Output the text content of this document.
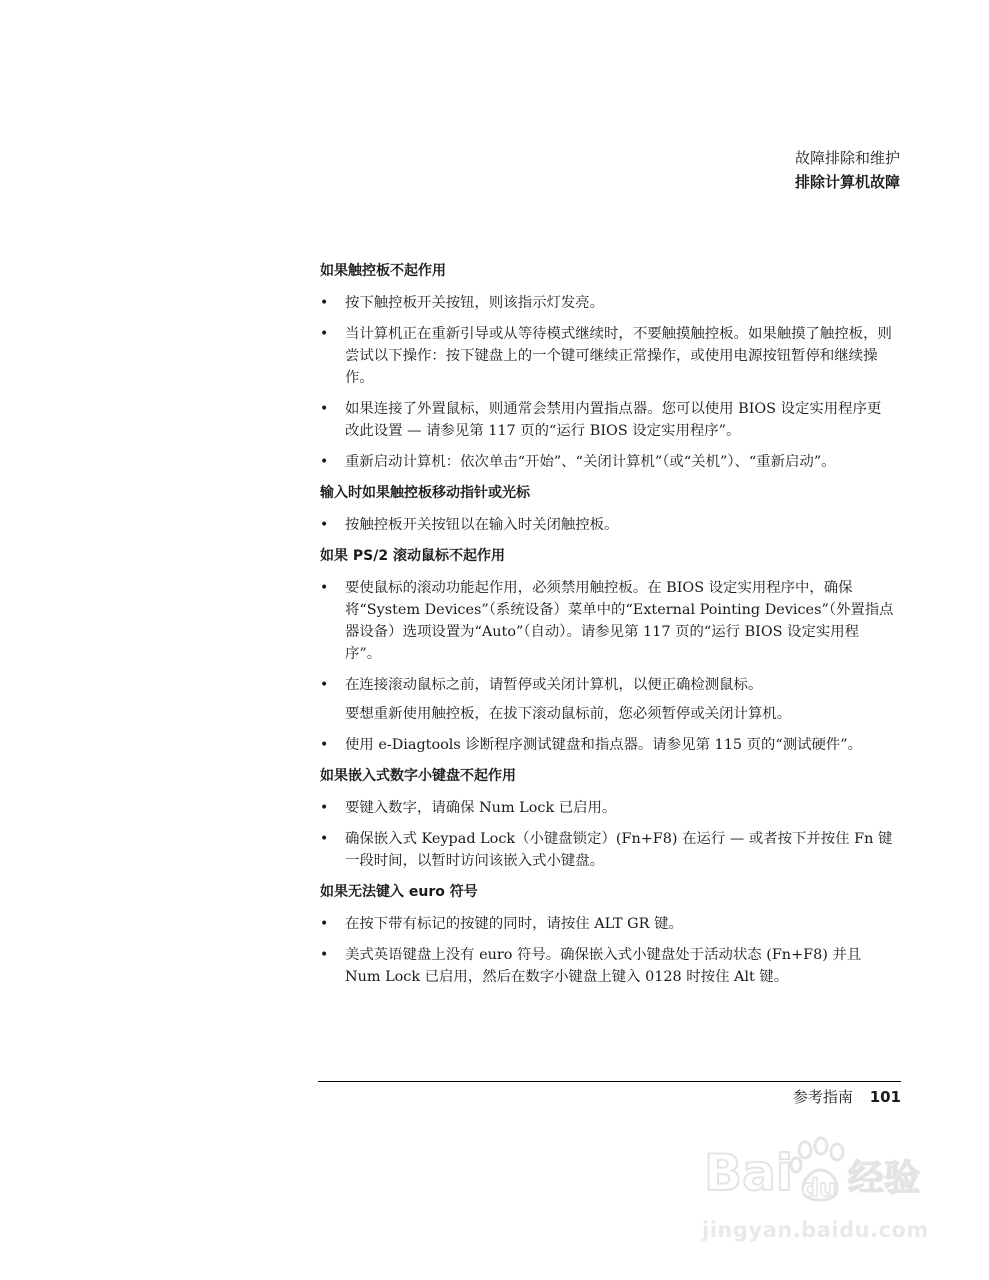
故障排除和维护
排除计算机故障
如果触控板不起作用
• 按下触控板开关按钮，则该指示灯发亮。
• 当计算机正在重新引导或从等待模式继续时，不要触摸触控板。如果触摸了触控板，则尝试以下操作：按下键盘上的一个键可继续正常操作，或使用电源按钮暂停和继续操作。
• 如果连接了外置鼠标，则通常会禁用内置指点器。您可以使用 BIOS 设定实用程序更改此设置 — 请参见第 117 页的“运行 BIOS 设定实用程序”。
• 重新启动计算机：依次单击“开始”、“关闭计算机”（或“关机”）、“重新启动”。
输入时如果触控板移动指针或光标
• 按触控板开关按钮以在输入时关闭触控板。
如果 PS/2 滚动鼠标不起作用
• 要使鼠标的滚动功能起作用，必须禁用触控板。在 BIOS 设定实用程序中，确保将“System Devices”（系统设备）菜单中的“External Pointing Devices”（外置指点器设备）选项设置为“Auto”（自动）。请参见第 117 页的“运行 BIOS 设定实用程序”。
• 在连接滚动鼠标之前，请暂停或关闭计算机，以便正确检测鼠标。
要想重新使用触控板，在拔下滚动鼠标前，您必须暂停或关闭计算机。
• 使用 e-Diagtools 诊断程序测试键盘和指点器。请参见第 115 页的“测试硬件”。
如果嵌入式数字小键盘不起作用
• 要键入数字，请确保 Num Lock 已启用。
• 确保嵌入式 Keypad Lock（小键盘锁定）(Fn+F8) 在运行 — 或者按下并按住 Fn 键一段时间，以暂时访问该嵌入式小键盘。
如果无法键入 euro 符号
• 在按下带有标记的按键的同时，请按住 ALT GR 键。
• 美式英语键盘上没有 euro 符号。确保嵌入式小键盘处于活动状态 (Fn+F8) 并且 Num Lock 已启用，然后在数字小键盘上键入 0128 时按住 Alt 键。
参考指南 101
Bai du 经验
jingyan.baidu.com
